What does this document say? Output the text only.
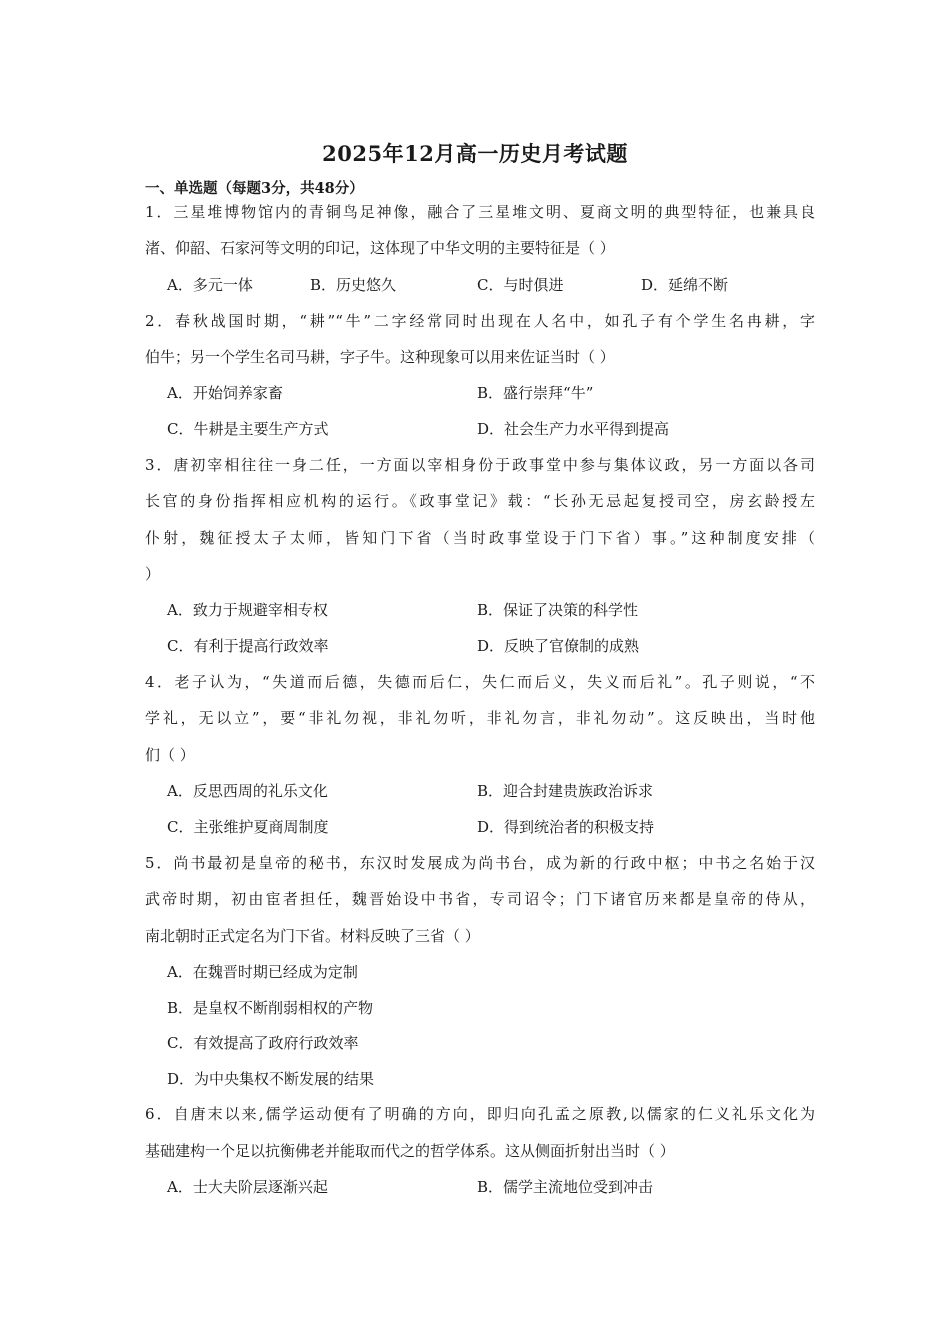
2025年12月高一历史月考试题
一、单选题（每题3分，共48分）
1．三星堆博物馆内的青铜鸟足神像，融合了三星堆文明、夏商文明的典型特征，也兼具良
渚、仰韶、石家河等文明的印记，这体现了中华文明的主要特征是（ ）
A．多元一体	B．历史悠久	C．与时俱进	D．延绵不断
2．春秋战国时期，“耕”“牛”二字经常同时出现在人名中，如孔子有个学生名冉耕，字
伯牛；另一个学生名司马耕，字子牛。这种现象可以用来佐证当时（ ）
A．开始饲养家畜	B．盛行崇拜“牛”
C．牛耕是主要生产方式	D．社会生产力水平得到提高
3．唐初宰相往往一身二任，一方面以宰相身份于政事堂中参与集体议政，另一方面以各司
长官的身份指挥相应机构的运行。《政事堂记》载：“长孙无忌起复授司空，房玄龄授左
仆射，魏征授太子太师，皆知门下省（当时政事堂设于门下省）事。”这种制度安排（
）
A．致力于规避宰相专权	B．保证了决策的科学性
C．有利于提高行政效率	D．反映了官僚制的成熟
4．老子认为，“失道而后德，失德而后仁，失仁而后义，失义而后礼”。孔子则说，“不
学礼，无以立”，要“非礼勿视，非礼勿听，非礼勿言，非礼勿动”。这反映出，当时他
们（ ）
A．反思西周的礼乐文化	B．迎合封建贵族政治诉求
C．主张维护夏商周制度	D．得到统治者的积极支持
5．尚书最初是皇帝的秘书，东汉时发展成为尚书台，成为新的行政中枢；中书之名始于汉
武帝时期，初由宦者担任，魏晋始设中书省，专司诏令；门下诸官历来都是皇帝的侍从，
南北朝时正式定名为门下省。材料反映了三省（ ）
A．在魏晋时期已经成为定制
B．是皇权不断削弱相权的产物
C．有效提高了政府行政效率
D．为中央集权不断发展的结果
6．自唐末以来,儒学运动便有了明确的方向，即归向孔孟之原教,以儒家的仁义礼乐文化为
基础建构一个足以抗衡佛老并能取而代之的哲学体系。这从侧面折射出当时（ ）
A．士大夫阶层逐渐兴起	B．儒学主流地位受到冲击
